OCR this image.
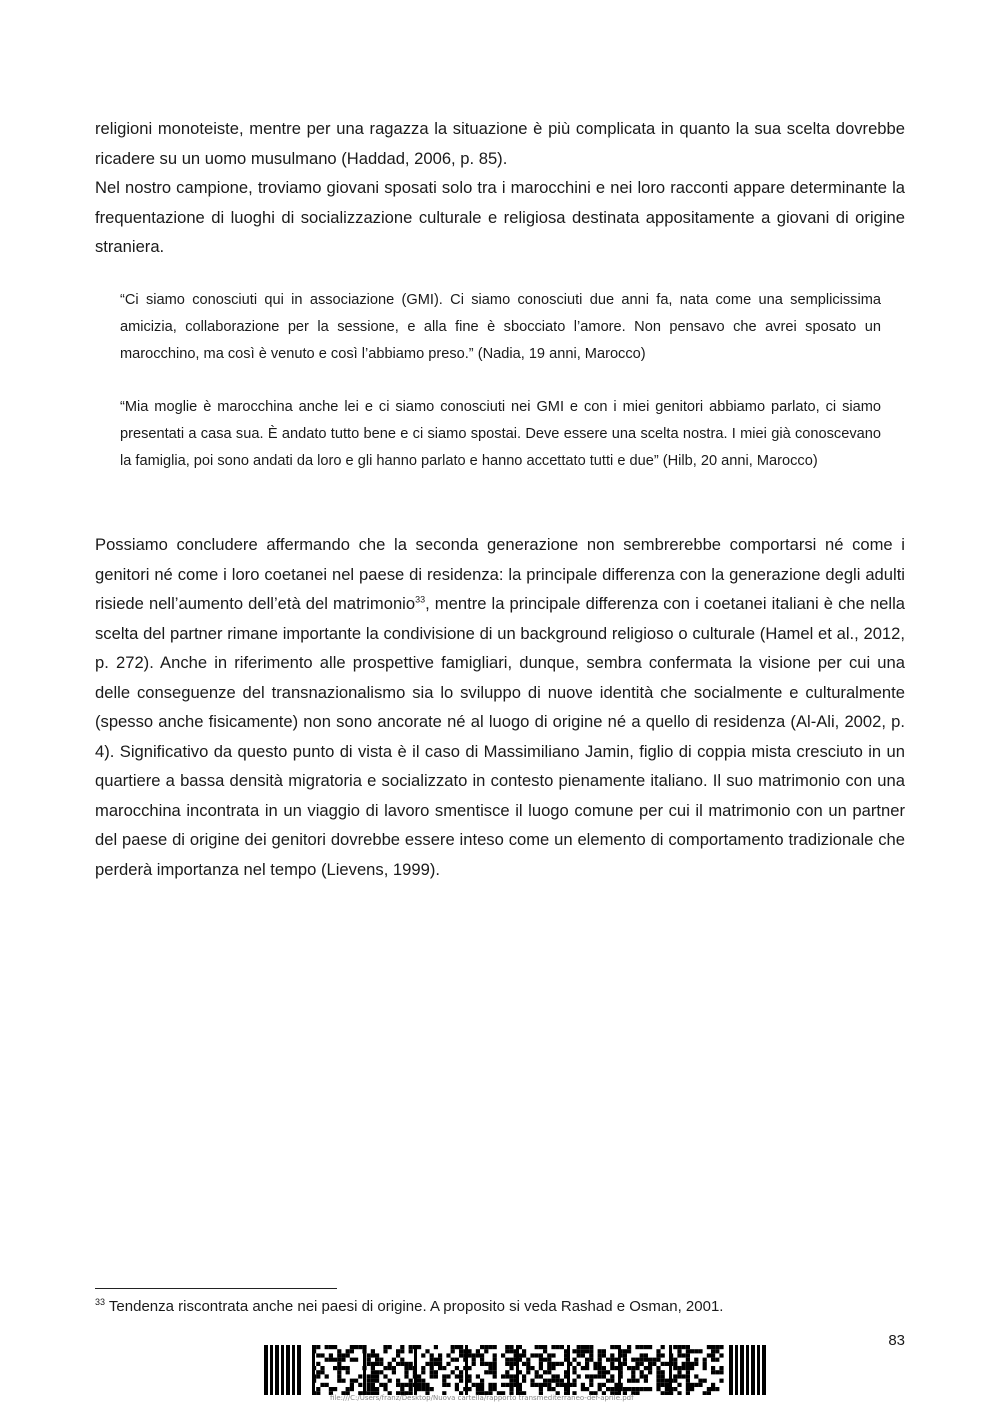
religioni monoteiste, mentre per una ragazza la situazione è più complicata in quanto la sua scelta dovrebbe ricadere su un uomo musulmano (Haddad, 2006, p. 85).

Nel nostro campione, troviamo giovani sposati solo tra i marocchini e nei loro racconti appare determinante la frequentazione di luoghi di socializzazione culturale e religiosa destinata appositamente a giovani di origine straniera.

“Ci siamo conosciuti qui in associazione (GMI). Ci siamo conosciuti due anni fa, nata come una semplicissima amicizia, collaborazione per la sessione, e alla fine è sbocciato l’amore. Non pensavo che avrei sposato un marocchino, ma così è venuto e così l’abbiamo preso.” (Nadia, 19 anni, Marocco)

“Mia moglie è marocchina anche lei e ci siamo conosciuti nei GMI e con i miei genitori abbiamo parlato, ci siamo presentati a casa sua. È andato tutto bene e ci siamo spostai. Deve essere una scelta nostra. I miei già conoscevano la famiglia, poi sono andati da loro e gli hanno parlato e hanno accettato tutti e due” (Hilb, 20 anni, Marocco)

Possiamo concludere affermando che la seconda generazione non sembrerebbe comportarsi né come i genitori né come i loro coetanei nel paese di residenza: la principale differenza con la generazione degli adulti risiede nell’aumento dell’età del matrimonio$^{33}$, mentre la principale differenza con i coetanei italiani è che nella scelta del partner rimane importante la condivisione di un background religioso o culturale (Hamel et al., 2012, p. 272). Anche in riferimento alle prospettive famigliari, dunque, sembra confermata la visione per cui una delle conseguenze del transnazionalismo sia lo sviluppo di nuove identità che socialmente e culturalmente (spesso anche fisicamente) non sono ancorate né al luogo di origine né a quello di residenza (Al-Ali, 2002, p. 4). Significativo da questo punto di vista è il caso di Massimiliano Jamin, figlio di coppia mista cresciuto in un quartiere a bassa densità migratoria e socializzato in contesto pienamente italiano. Il suo matrimonio con una marocchina incontrata in un viaggio di lavoro smentisce il luogo comune per cui il matrimonio con un partner del paese di origine dei genitori dovrebbe essere inteso come un elemento di comportamento tradizionale che perderà importanza nel tempo (Lievens, 1999).

$^{33}$ Tendenza riscontrata anche nei paesi di origine. A proposito si veda Rashad e Osman, 2001.

83
file:///C:/Users/franz/Desktop/Nuova cartella/rapporto transmediterraneo-def-aprile.pdf
